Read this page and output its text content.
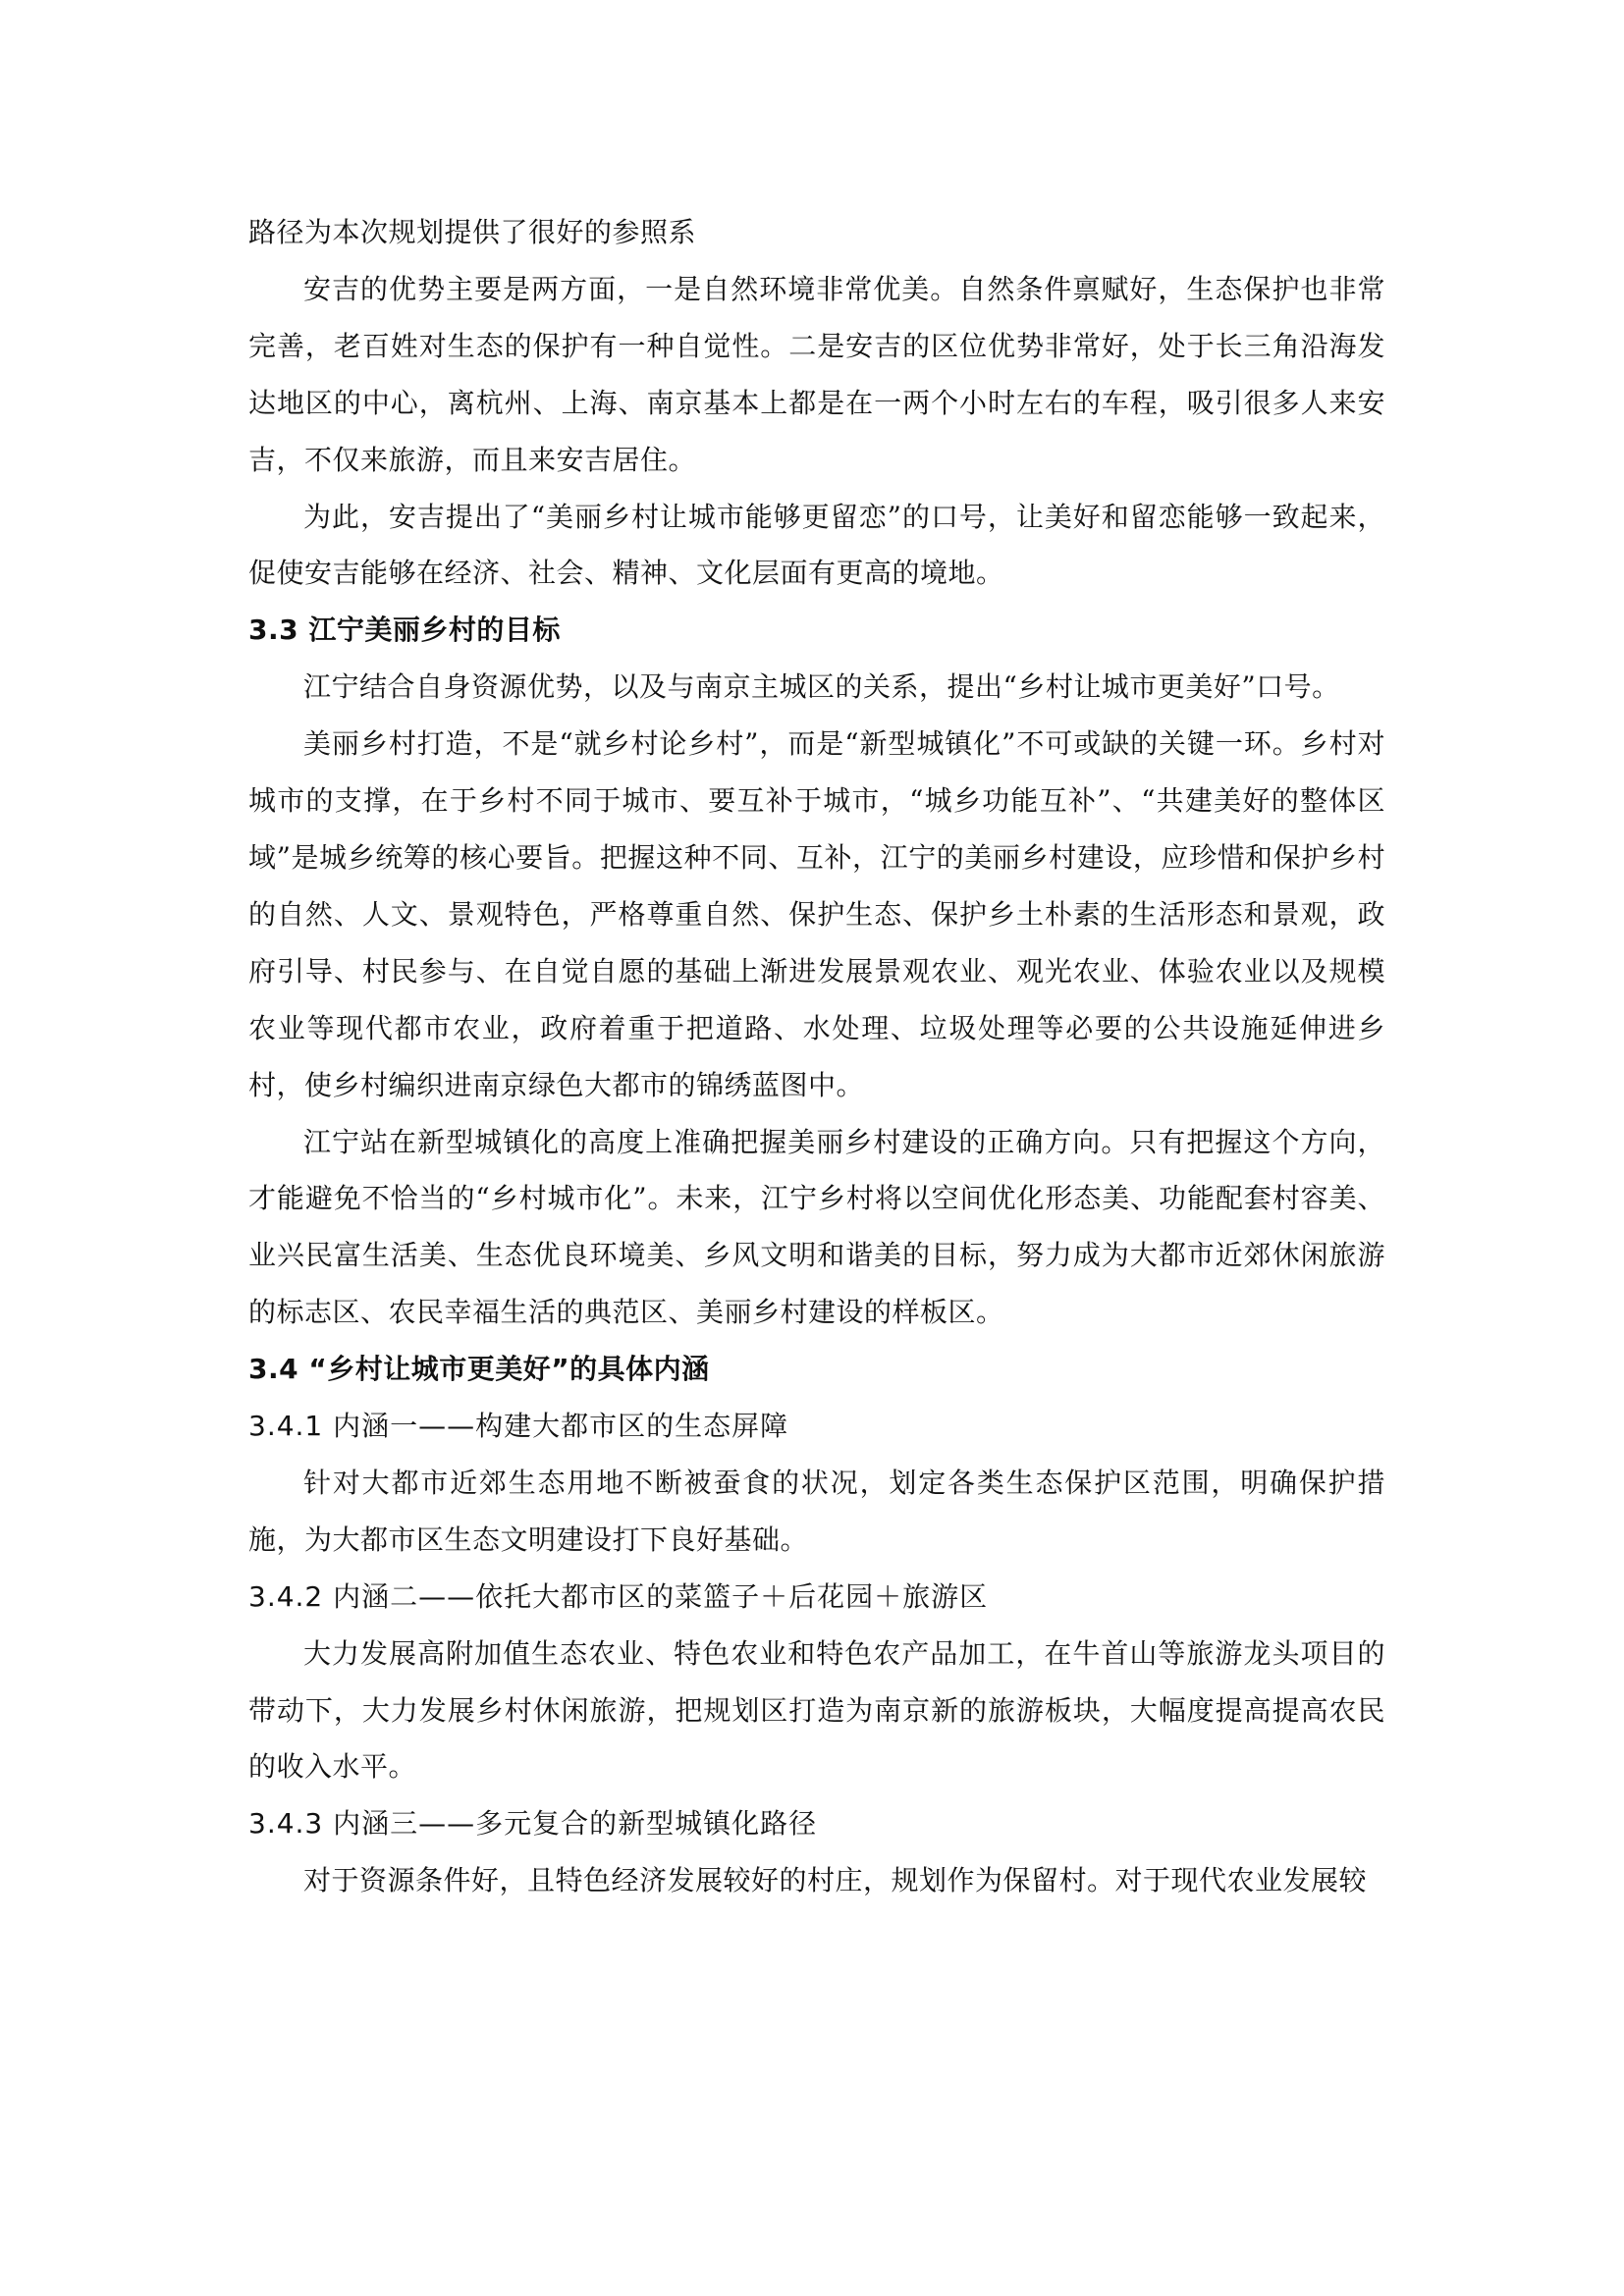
路径为本次规划提供了很好的参照系

安吉的优势主要是两方面，一是自然环境非常优美。自然条件禀赋好，生态保护也非常完善，老百姓对生态的保护有一种自觉性。二是安吉的区位优势非常好，处于长三角沿海发达地区的中心，离杭州、上海、南京基本上都是在一两个小时左右的车程，吸引很多人来安吉，不仅来旅游，而且来安吉居住。

为此，安吉提出了“美丽乡村让城市能够更留恋”的口号，让美好和留恋能够一致起来，促使安吉能够在经济、社会、精神、文化层面有更高的境地。

3.3 江宁美丽乡村的目标

江宁结合自身资源优势，以及与南京主城区的关系，提出“乡村让城市更美好”口号。

美丽乡村打造，不是“就乡村论乡村”，而是“新型城镇化”不可或缺的关键一环。乡村对城市的支撑，在于乡村不同于城市、要互补于城市，“城乡功能互补”、“共建美好的整体区域”是城乡统筹的核心要旨。把握这种不同、互补，江宁的美丽乡村建设，应珍惜和保护乡村的自然、人文、景观特色，严格尊重自然、保护生态、保护乡土朴素的生活形态和景观，政府引导、村民参与、在自觉自愿的基础上渐进发展景观农业、观光农业、体验农业以及规模农业等现代都市农业，政府着重于把道路、水处理、垃圾处理等必要的公共设施延伸进乡村，使乡村编织进南京绿色大都市的锦绣蓝图中。

江宁站在新型城镇化的高度上准确把握美丽乡村建设的正确方向。只有把握这个方向，才能避免不恰当的“乡村城市化”。未来，江宁乡村将以空间优化形态美、功能配套村容美、业兴民富生活美、生态优良环境美、乡风文明和谐美的目标，努力成为大都市近郊休闲旅游的标志区、农民幸福生活的典范区、美丽乡村建设的样板区。

3.4 “乡村让城市更美好”的具体内涵
3.4.1 内涵一——构建大都市区的生态屏障

针对大都市近郊生态用地不断被蚕食的状况，划定各类生态保护区范围，明确保护措施，为大都市区生态文明建设打下良好基础。

3.4.2 内涵二——依托大都市区的菜篮子＋后花园＋旅游区

大力发展高附加值生态农业、特色农业和特色农产品加工，在牛首山等旅游龙头项目的带动下，大力发展乡村休闲旅游，把规划区打造为南京新的旅游板块，大幅度提高提高农民的收入水平。

3.4.3 内涵三——多元复合的新型城镇化路径

对于资源条件好，且特色经济发展较好的村庄，规划作为保留村。对于现代农业发展较
